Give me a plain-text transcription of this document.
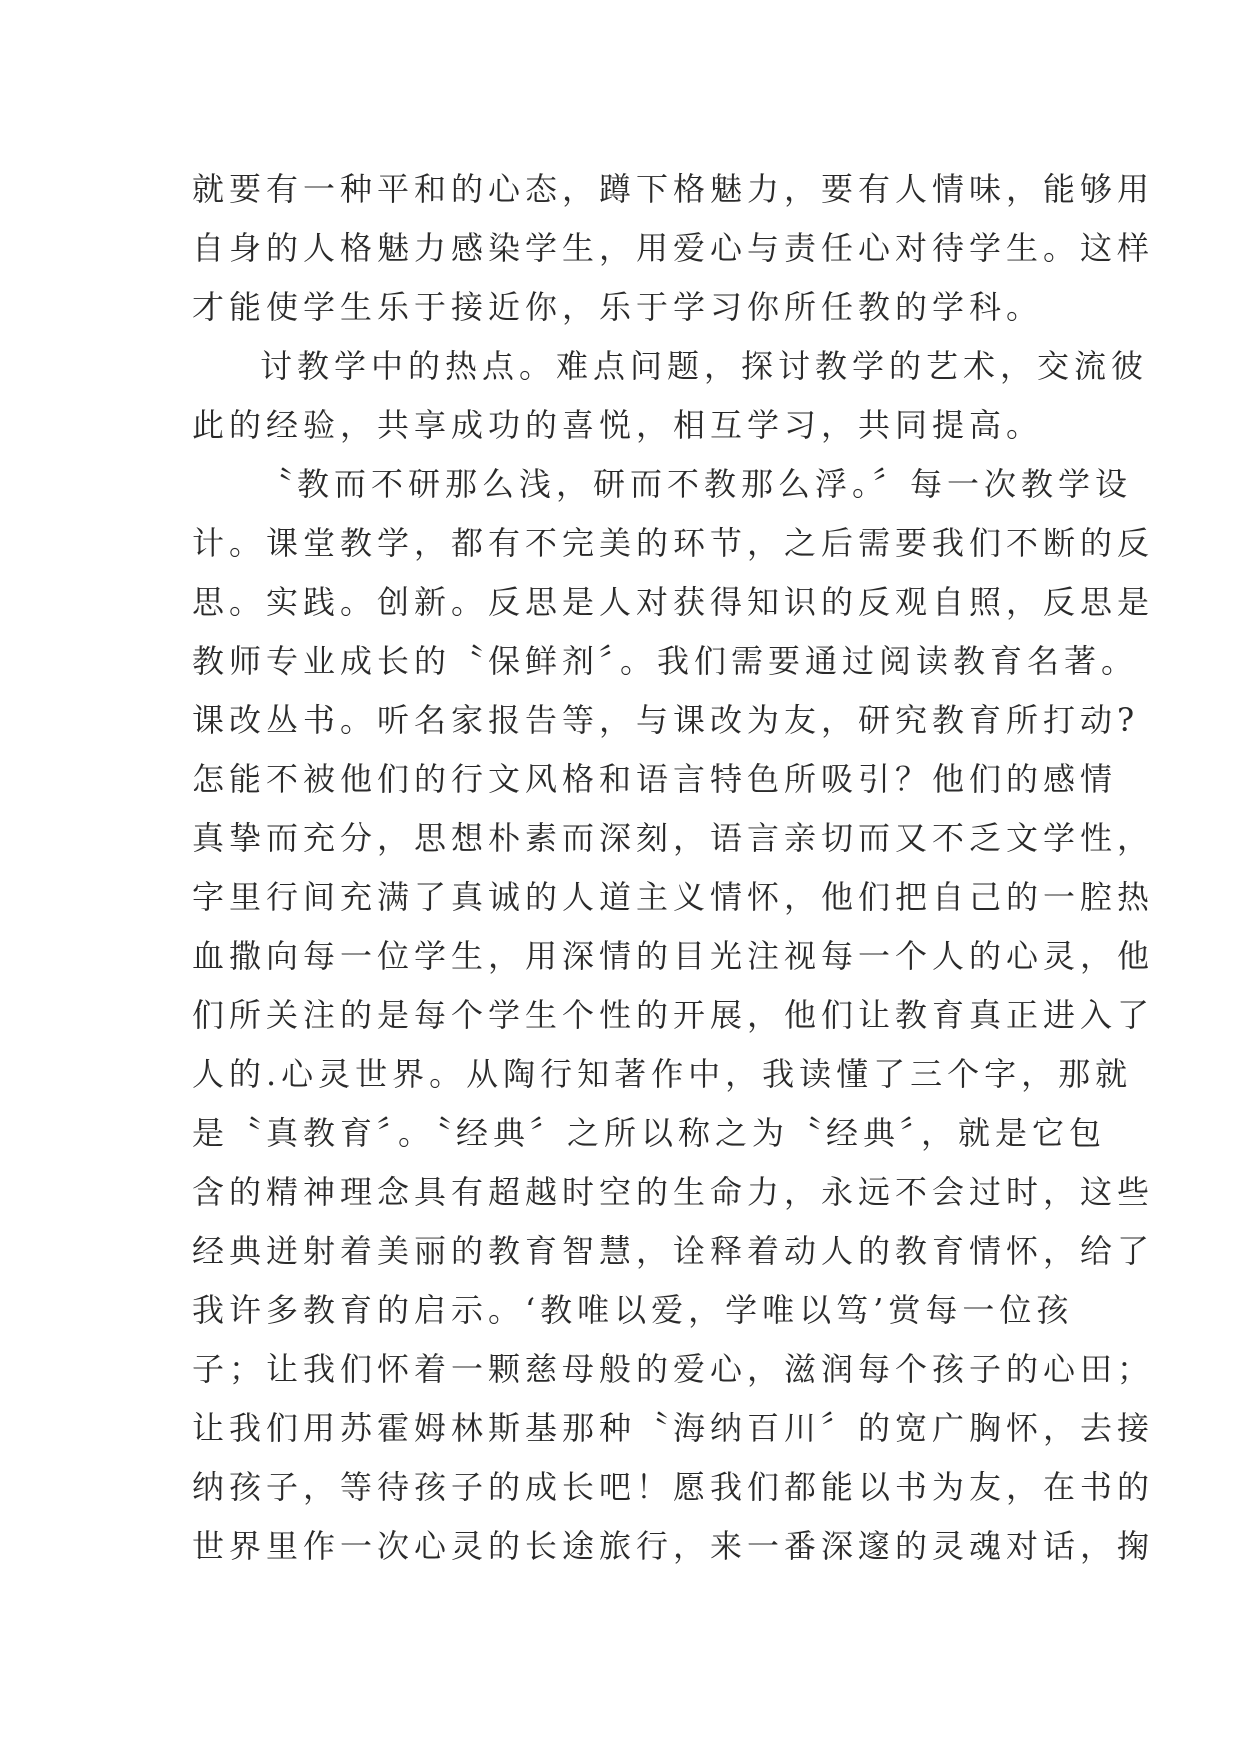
就要有一种平和的心态，蹲下格魅力，要有人情味，能够用
自身的人格魅力感染学生，用爱心与责任心对待学生。这样
才能使学生乐于接近你，乐于学习你所任教的学科。
讨教学中的热点。难点问题，探讨教学的艺术，交流彼
此的经验，共享成功的喜悦，相互学习，共同提高。
〝教而不研那么浅，研而不教那么浮。〞每一次教学设
计。课堂教学，都有不完美的环节，之后需要我们不断的反
思。实践。创新。反思是人对获得知识的反观自照，反思是
教师专业成长的〝保鲜剂〞。我们需要通过阅读教育名著。
课改丛书。听名家报告等，与课改为友，研究教育所打动?
怎能不被他们的行文风格和语言特色所吸引？他们的感情
真挚而充分，思想朴素而深刻，语言亲切而又不乏文学性，
字里行间充满了真诚的人道主义情怀，他们把自己的一腔热
血撒向每一位学生，用深情的目光注视每一个人的心灵，他
们所关注的是每个学生个性的开展，他们让教育真正进入了
人的.心灵世界。从陶行知著作中，我读懂了三个字，那就
是〝真教育〞。〝经典〞之所以称之为〝经典〞，就是它包
含的精神理念具有超越时空的生命力，永远不会过时，这些
经典迸射着美丽的教育智慧，诠释着动人的教育情怀，给了
我许多教育的启示。‘教唯以爱，学唯以笃’赏每一位孩
子；让我们怀着一颗慈母般的爱心，滋润每个孩子的心田；
让我们用苏霍姆林斯基那种〝海纳百川〞的宽广胸怀，去接
纳孩子，等待孩子的成长吧！愿我们都能以书为友，在书的
世界里作一次心灵的长途旅行，来一番深邃的灵魂对话，掬
